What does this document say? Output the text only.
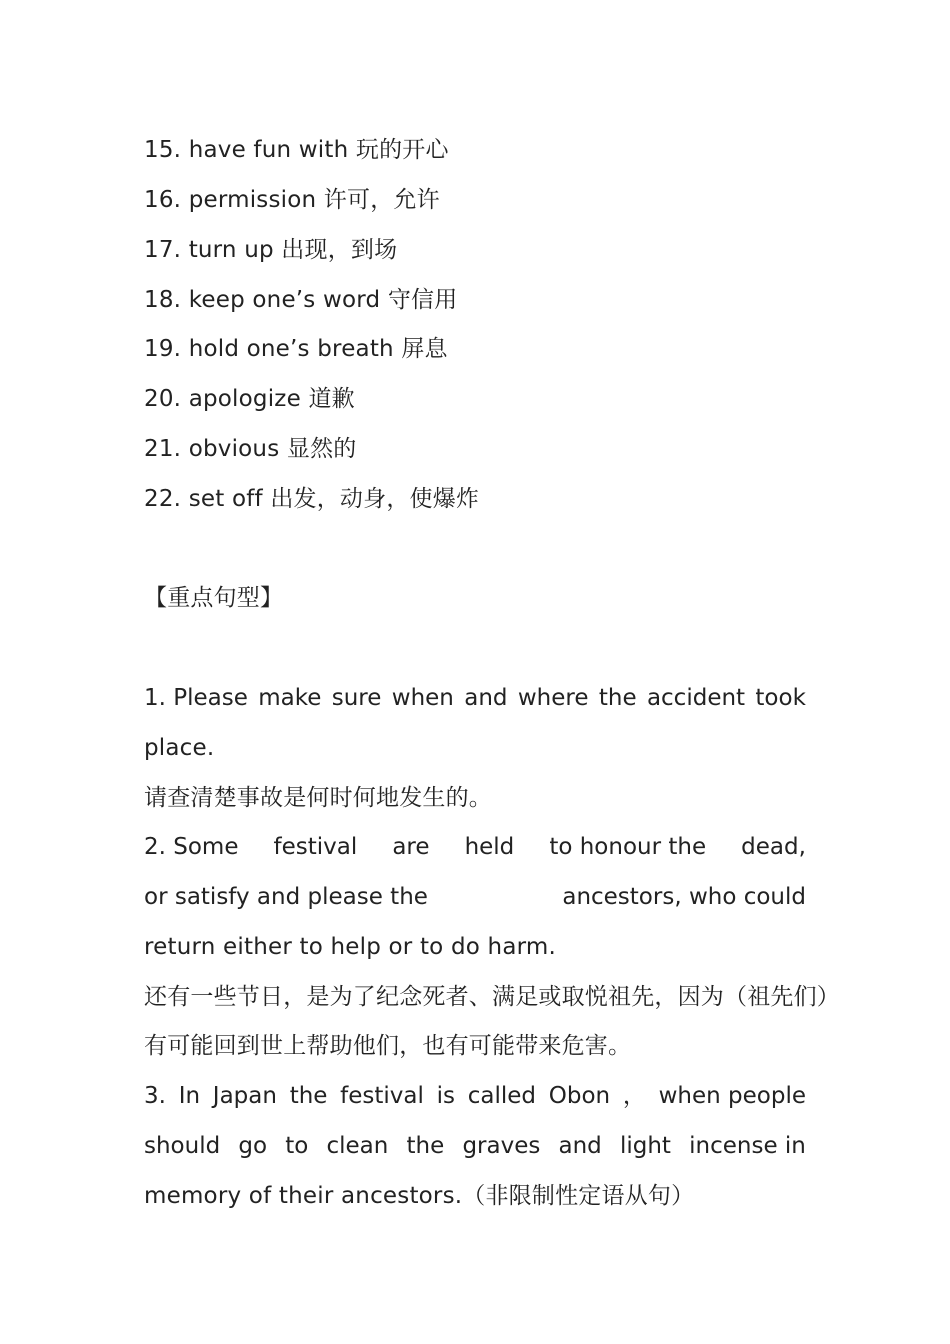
15. have fun with 玩的开心
16. permission 许可，允许
17. turn up 出现，到场
18. keep one’s word 守信用
19. hold one’s breath 屏息
20. apologize 道歉
21. obvious 显然的
22. set off 出发，动身，使爆炸
【重点句型】
1. Please make sure when and where the accident took
place.
请查清楚事故是何时何地发生的。
2. Some festival are held to honour the dead,
or satisfy and please the	ancestors, who could
return either to help or to do harm.
还有一些节日，是为了纪念死者、满足或取悦祖先，因为（祖先们）
有可能回到世上帮助他们，也有可能带来危害。
3. In Japan the festival is called Obon ， when people
should go to clean the graves and light incense in
memory of their ancestors.（非限制性定语从句）
